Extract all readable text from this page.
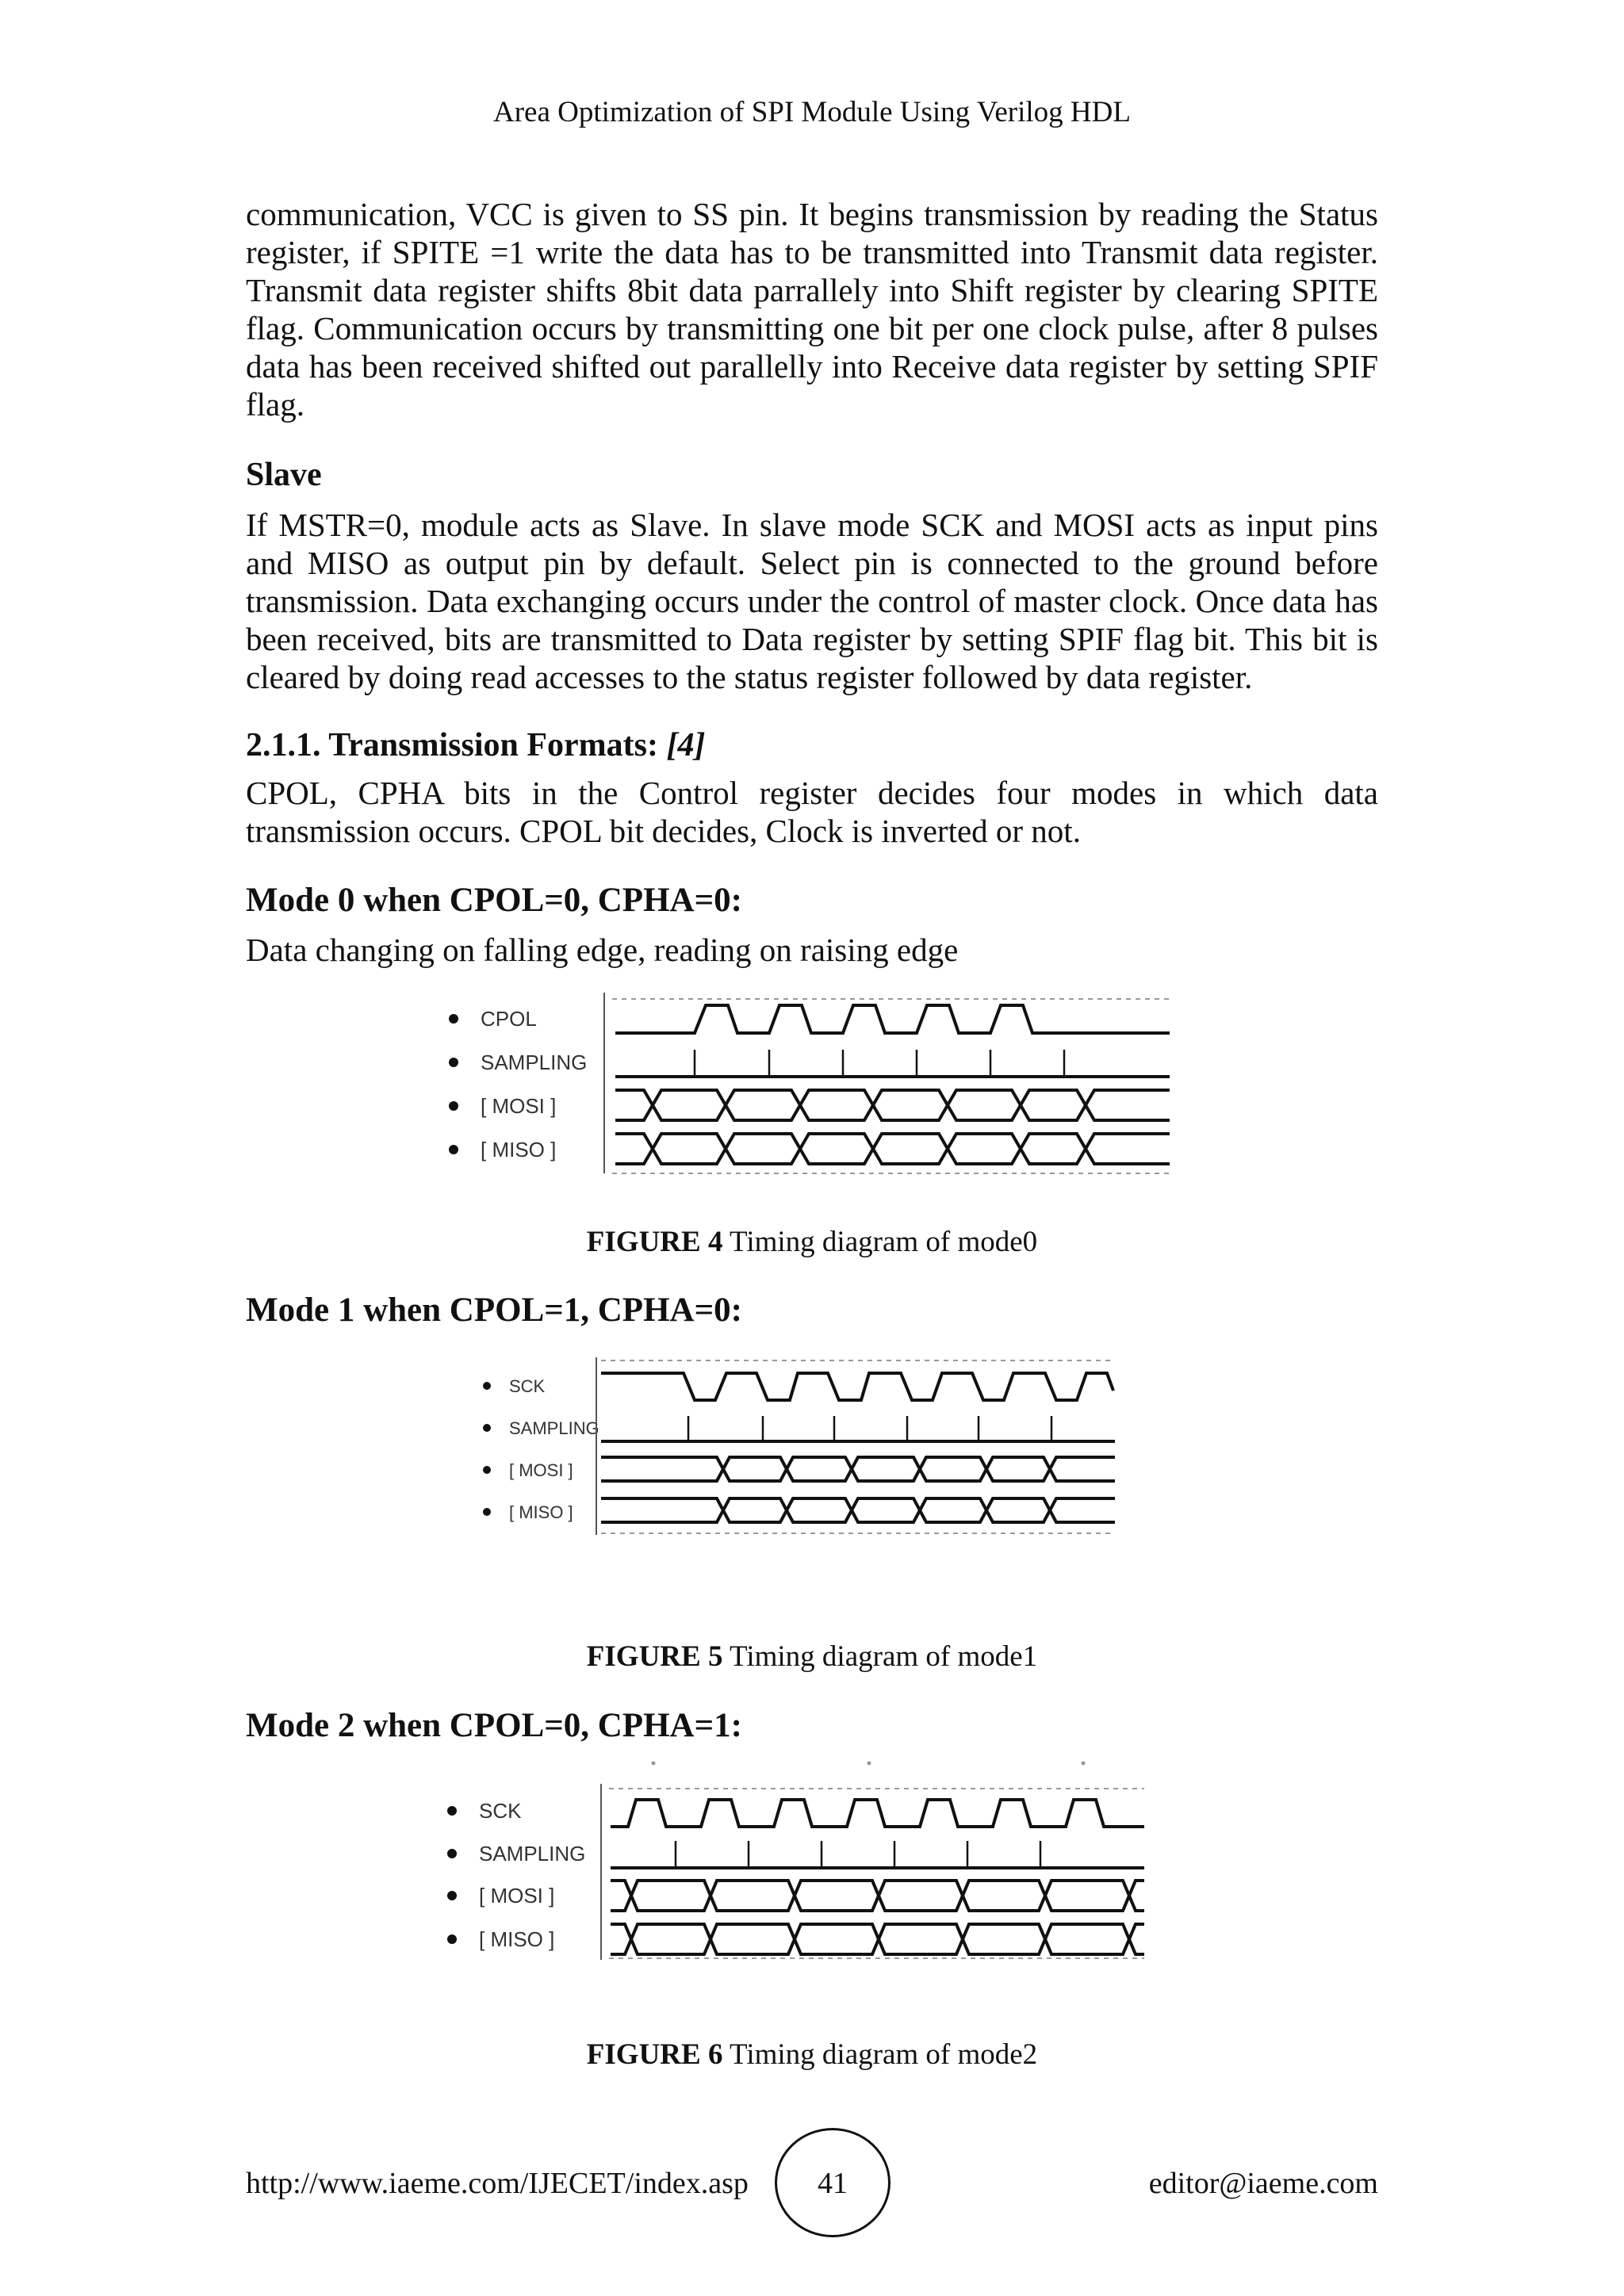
Area Optimization of SPI Module Using Verilog HDL

communication, VCC is given to SS pin. It begins transmission by reading the Status register, if SPITE =1 write the data has to be transmitted into Transmit data register. Transmit data register shifts 8bit data parrallely into Shift register by clearing SPITE flag. Communication occurs by transmitting one bit per one clock pulse, after 8 pulses data has been received shifted out parallelly into Receive data register by setting SPIF flag.

Slave

If MSTR=0, module acts as Slave. In slave mode SCK and MOSI acts as input pins and MISO as output pin by default. Select pin is connected to the ground before transmission. Data exchanging occurs under the control of master clock. Once data has been received, bits are transmitted to Data register by setting SPIF flag bit. This bit is cleared by doing read accesses to the status register followed by data register.

2.1.1. Transmission Formats: [4]

CPOL, CPHA bits in the Control register decides four modes in which data transmission occurs. CPOL bit decides, Clock is inverted or not.

Mode 0 when CPOL=0, CPHA=0:

Data changing on falling edge, reading on raising edge

CPOL
SAMPLING
[ MOSI ]
[ MISO ]
FIGURE 4 Timing diagram of mode0
Mode 1 when CPOL=1, CPHA=0:
SCK
SAMPLING
[ MOSI ]
[ MISO ]
FIGURE 5 Timing diagram of mode1
Mode 2 when CPOL=0, CPHA=1:
SCK
SAMPLING
[ MOSI ]
[ MISO ]
FIGURE 6 Timing diagram of mode2
http://www.iaeme.com/IJECET/index.asp	41	editor@iaeme.com
